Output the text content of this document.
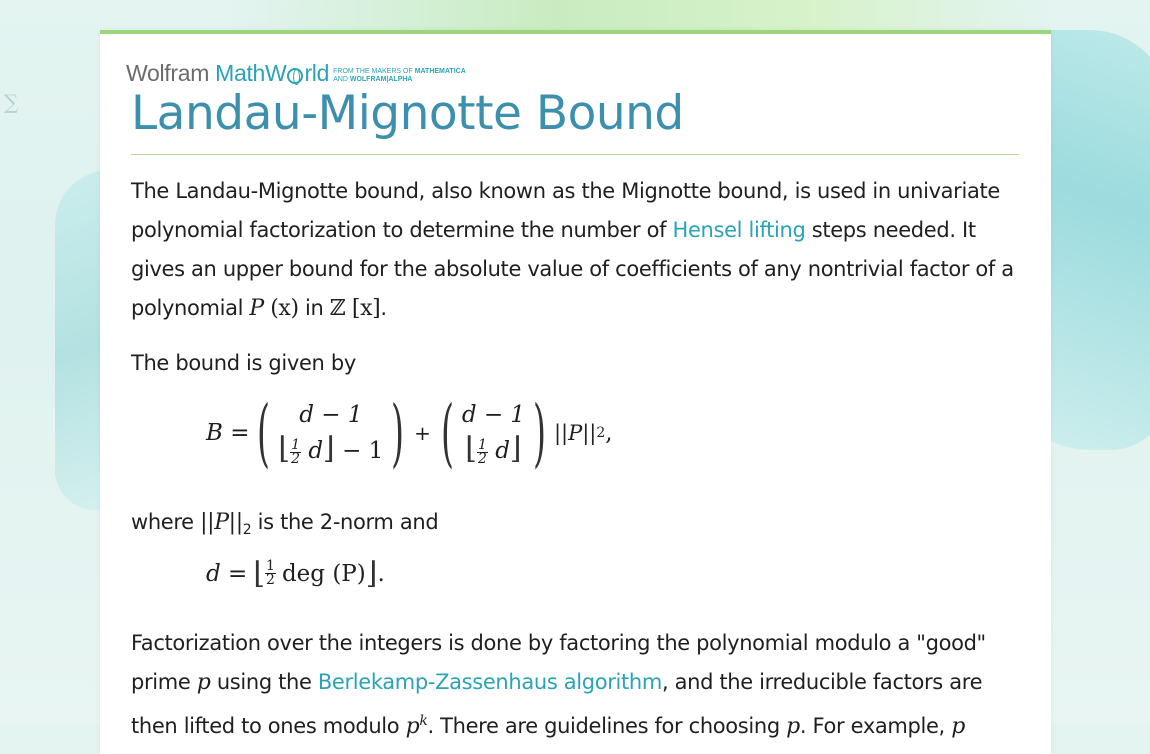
∑
Wolfram MathW rld FROM THE MAKERS OF MATHEMATICA
AND WOLFRAM|ALPHA
Landau-Mignotte Bound

The Landau-Mignotte bound, also known as the Mignotte bound, is used in univariate polynomial factorization to determine the number of Hensel lifting steps needed. It gives an upper bound for the absolute value of coefficients of any nontrivial factor of a polynomial P (x) in ℤ [x].

The bound is given by

B = ( d − 1
⌊ $\frac{1}{2}$ d⌋ − 1 ) + ( d − 1
⌊ $\frac{1}{2}$ d⌋ ) ||P|| 2 ,

where $||P||_2$ is the 2-norm and

d = ⌊ $\frac{1}{2}$ deg (P) ⌋ .

Factorization over the integers is done by factoring the polynomial modulo a "good" prime p using the Berlekamp-Zassenhaus algorithm, and the irreducible factors are then lifted to ones modulo $p^k$. There are guidelines for choosing p. For example, p
